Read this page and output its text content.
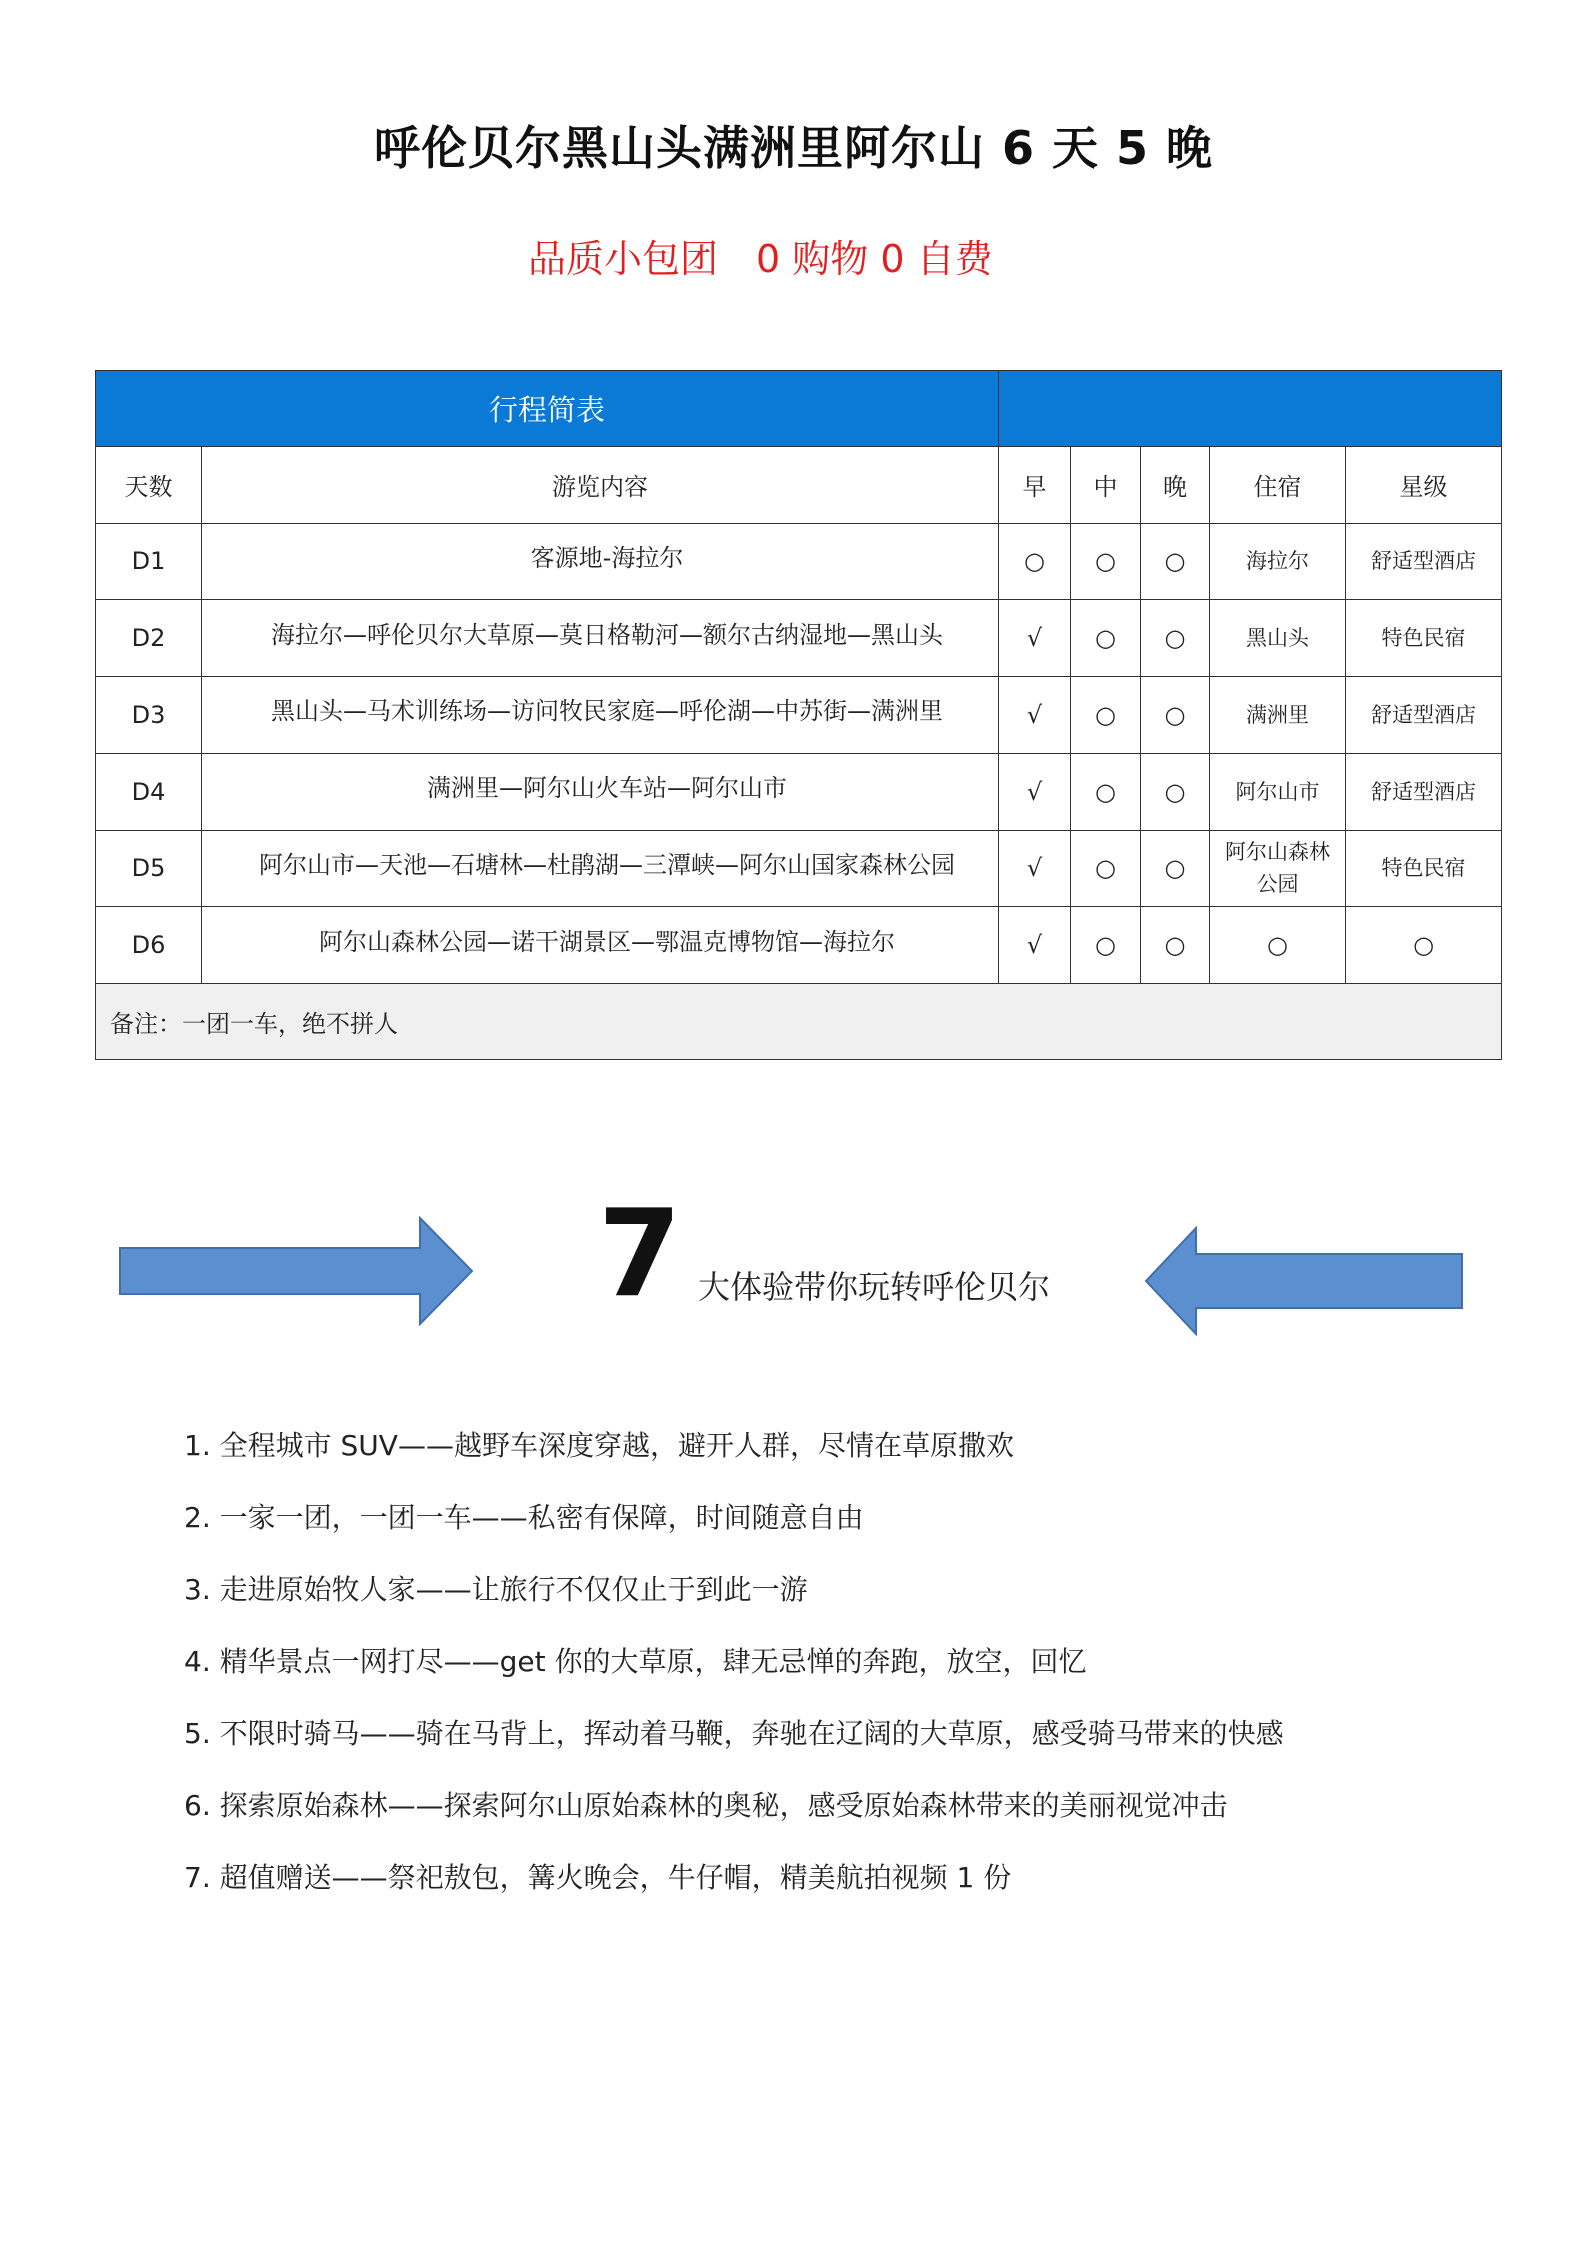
呼伦贝尔黑山头满洲里阿尔山 6 天 5 晚
品质小包团　0 购物 0 自费
行程简表						
天数	游览内容	早	中	晚	住宿	星级
D1	客源地-海拉尔	○	○	○	海拉尔	舒适型酒店
D2	海拉尔—呼伦贝尔大草原—莫日格勒河—额尔古纳湿地—黑山头	√	○	○	黑山头	特色民宿
D3	黑山头—马术训练场—访问牧民家庭—呼伦湖—中苏街—满洲里	√	○	○	满洲里	舒适型酒店
D4	满洲里—阿尔山火车站—阿尔山市	√	○	○	阿尔山市	舒适型酒店
D5	阿尔山市—天池—石塘林—杜鹃湖—三潭峡—阿尔山国家森林公园	√	○	○	阿尔山森林公园	特色民宿
D6	阿尔山森林公园—诺干湖景区—鄂温克博物馆—海拉尔	√	○	○	○	○
备注：一团一车，绝不拼人						
7 大体验带你玩转呼伦贝尔
1. 全程城市 SUV——越野车深度穿越，避开人群，尽情在草原撒欢
2. 一家一团，一团一车——私密有保障，时间随意自由
3. 走进原始牧人家——让旅行不仅仅止于到此一游
4. 精华景点一网打尽——get 你的大草原，肆无忌惮的奔跑，放空，回忆
5. 不限时骑马——骑在马背上，挥动着马鞭，奔驰在辽阔的大草原，感受骑马带来的快感
6. 探索原始森林——探索阿尔山原始森林的奥秘，感受原始森林带来的美丽视觉冲击
7. 超值赠送——祭祀敖包，篝火晚会，牛仔帽，精美航拍视频 1 份
